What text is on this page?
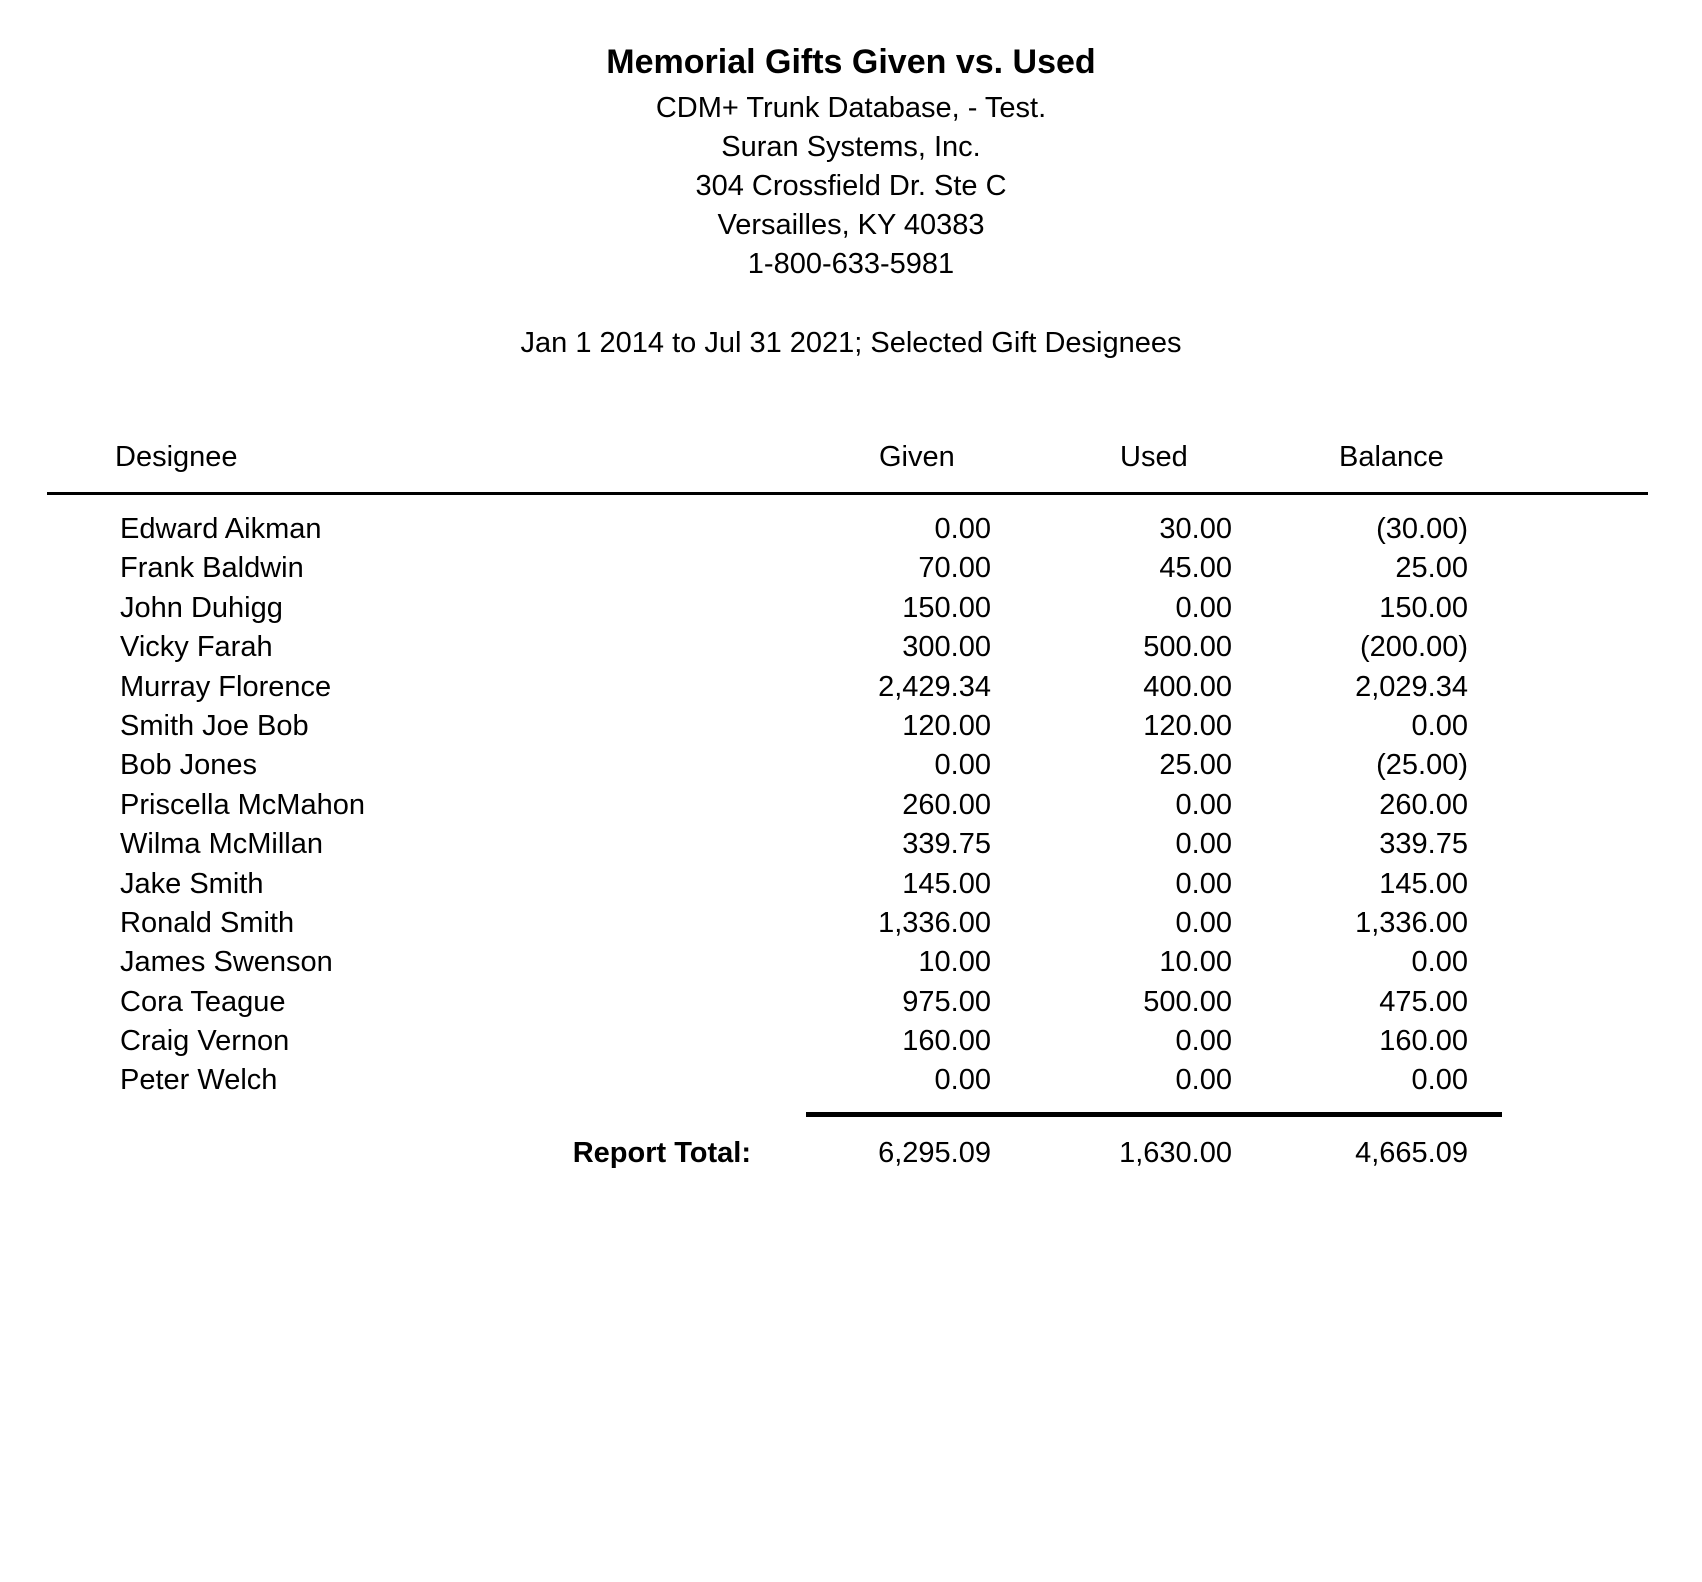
Memorial Gifts Given vs. Used
CDM+ Trunk Database, - Test.
Suran Systems, Inc.
304 Crossfield Dr. Ste C
Versailles, KY 40383
1-800-633-5981
Jan 1 2014 to Jul 31 2021; Selected Gift Designees
Designee	Given	Used	Balance
Edward Aikman	0.00	30.00	(30.00)
Frank Baldwin	70.00	45.00	25.00
John Duhigg	150.00	0.00	150.00
Vicky Farah	300.00	500.00	(200.00)
Murray Florence	2,429.34	400.00	2,029.34
Smith Joe Bob	120.00	120.00	0.00
Bob Jones	0.00	25.00	(25.00)
Priscella McMahon	260.00	0.00	260.00
Wilma McMillan	339.75	0.00	339.75
Jake Smith	145.00	0.00	145.00
Ronald Smith	1,336.00	0.00	1,336.00
James Swenson	10.00	10.00	0.00
Cora Teague	975.00	500.00	475.00
Craig Vernon	160.00	0.00	160.00
Peter Welch	0.00	0.00	0.00
Report Total:	6,295.09	1,630.00	4,665.09
